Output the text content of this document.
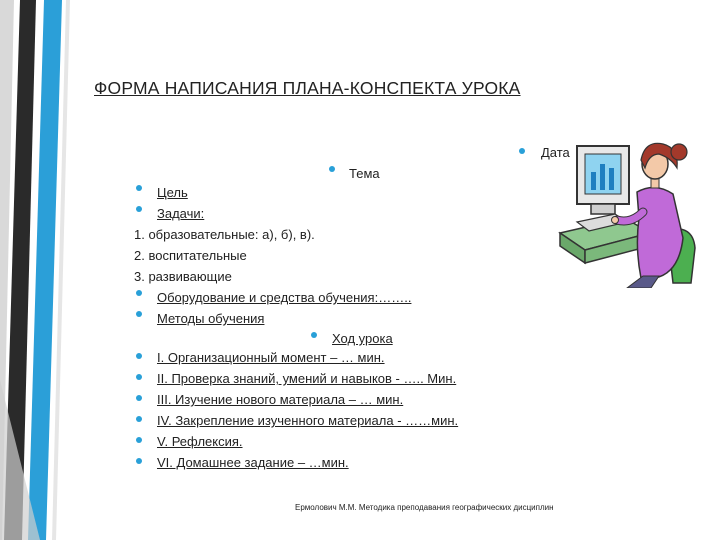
ФОРМА НАПИСАНИЯ ПЛАНА-КОНСПЕКТА УРОКА
Дата
Тема
Цель
Задачи:
1. образовательные: а), б), в).
2. воспитательные
3. развивающие
Оборудование и средства обучения:……..
Методы обучения
Ход урока
I. Организационный момент – … мин.
II. Проверка знаний, умений и навыков - ….. Мин.
III. Изучение нового материала – … мин.
IV. Закрепление изученного материала - ……мин.
V. Рефлексия.
VI. Домашнее задание – …мин.
Ермолович М.М. Методика преподавания географических дисциплин
